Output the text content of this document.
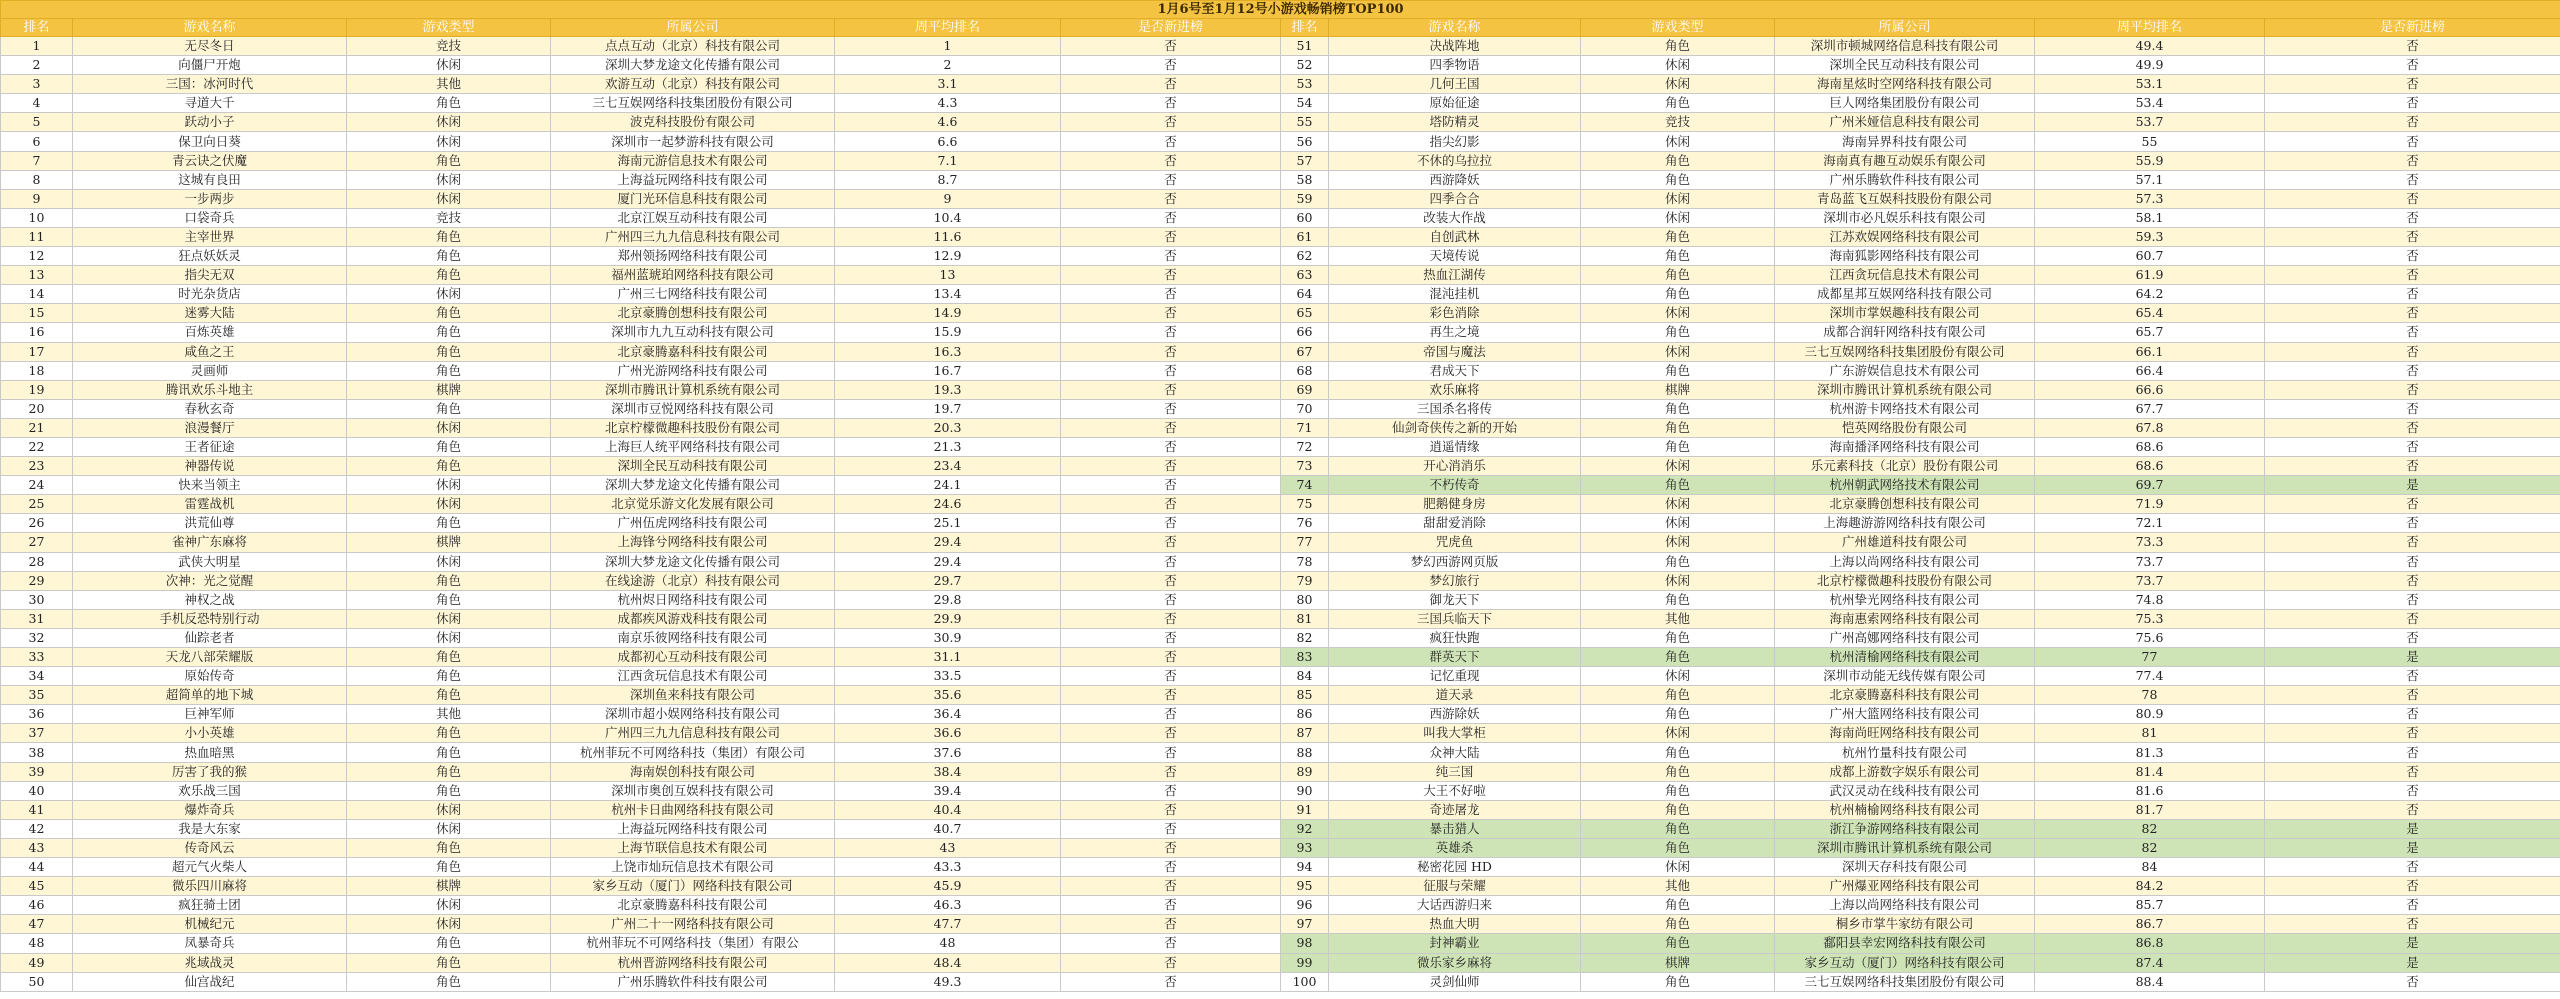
1月6号至1月12号小游戏畅销榜TOP100											
排名	游戏名称	游戏类型	所属公司	周平均排名	是否新进榜	排名	游戏名称	游戏类型	所属公司	周平均排名	是否新进榜
1	无尽冬日	竞技	点点互动（北京）科技有限公司	1	否	51	决战阵地	角色	深圳市顿城网络信息科技有限公司	49.4	否
2	向僵尸开炮	休闲	深圳大梦龙途文化传播有限公司	2	否	52	四季物语	休闲	深圳全民互动科技有限公司	49.9	否
3	三国：冰河时代	其他	欢游互动（北京）科技有限公司	3.1	否	53	几何王国	休闲	海南星炫时空网络科技有限公司	53.1	否
4	寻道大千	角色	三七互娱网络科技集团股份有限公司	4.3	否	54	原始征途	角色	巨人网络集团股份有限公司	53.4	否
5	跃动小子	休闲	波克科技股份有限公司	4.6	否	55	塔防精灵	竞技	广州米娅信息科技有限公司	53.7	否
6	保卫向日葵	休闲	深圳市一起梦游科技有限公司	6.6	否	56	指尖幻影	休闲	海南异界科技有限公司	55	否
7	青云诀之伏魔	角色	海南元游信息技术有限公司	7.1	否	57	不休的乌拉拉	角色	海南真有趣互动娱乐有限公司	55.9	否
8	这城有良田	休闲	上海益玩网络科技有限公司	8.7	否	58	西游降妖	角色	广州乐腾软件科技有限公司	57.1	否
9	一步两步	休闲	厦门光环信息科技有限公司	9	否	59	四季合合	休闲	青岛蓝飞互娱科技股份有限公司	57.3	否
10	口袋奇兵	竞技	北京江娱互动科技有限公司	10.4	否	60	改装大作战	休闲	深圳市必凡娱乐科技有限公司	58.1	否
11	主宰世界	角色	广州四三九九信息科技有限公司	11.6	否	61	自创武林	角色	江苏欢娱网络科技有限公司	59.3	否
12	狂点妖妖灵	角色	郑州领扬网络科技有限公司	12.9	否	62	天境传说	角色	海南狐影网络科技有限公司	60.7	否
13	指尖无双	角色	福州蓝琥珀网络科技有限公司	13	否	63	热血江湖传	角色	江西贪玩信息技术有限公司	61.9	否
14	时光杂货店	休闲	广州三七网络科技有限公司	13.4	否	64	混沌挂机	角色	成都星邦互娱网络科技有限公司	64.2	否
15	迷雾大陆	角色	北京豪腾创想科技有限公司	14.9	否	65	彩色消除	休闲	深圳市掌娱趣科技有限公司	65.4	否
16	百炼英雄	角色	深圳市九九互动科技有限公司	15.9	否	66	再生之境	角色	成都合润轩网络科技有限公司	65.7	否
17	咸鱼之王	角色	北京豪腾嘉科科技有限公司	16.3	否	67	帝国与魔法	休闲	三七互娱网络科技集团股份有限公司	66.1	否
18	灵画师	角色	广州光游网络科技有限公司	16.7	否	68	君成天下	角色	广东游娱信息技术有限公司	66.4	否
19	腾讯欢乐斗地主	棋牌	深圳市腾讯计算机系统有限公司	19.3	否	69	欢乐麻将	棋牌	深圳市腾讯计算机系统有限公司	66.6	否
20	春秋玄奇	角色	深圳市豆悦网络科技有限公司	19.7	否	70	三国杀名将传	角色	杭州游卡网络技术有限公司	67.7	否
21	浪漫餐厅	休闲	北京柠檬微趣科技股份有限公司	20.3	否	71	仙剑奇侠传之新的开始	角色	恺英网络股份有限公司	67.8	否
22	王者征途	角色	上海巨人统平网络科技有限公司	21.3	否	72	逍遥情缘	角色	海南播泽网络科技有限公司	68.6	否
23	神器传说	角色	深圳全民互动科技有限公司	23.4	否	73	开心消消乐	休闲	乐元素科技（北京）股份有限公司	68.6	否
24	快来当领主	休闲	深圳大梦龙途文化传播有限公司	24.1	否	74	不朽传奇	角色	杭州朝武网络技术有限公司	69.7	是
25	雷霆战机	休闲	北京觉乐游文化发展有限公司	24.6	否	75	肥鹅健身房	休闲	北京豪腾创想科技有限公司	71.9	否
26	洪荒仙尊	角色	广州伍虎网络科技有限公司	25.1	否	76	甜甜爱消除	休闲	上海趣游游网络科技有限公司	72.1	否
27	雀神广东麻将	棋牌	上海锋兮网络科技有限公司	29.4	否	77	咒虎鱼	休闲	广州雄道科技有限公司	73.3	否
28	武侠大明星	休闲	深圳大梦龙途文化传播有限公司	29.4	否	78	梦幻西游网页版	角色	上海以尚网络科技有限公司	73.7	否
29	次神：光之觉醒	角色	在线途游（北京）科技有限公司	29.7	否	79	梦幻旅行	休闲	北京柠檬微趣科技股份有限公司	73.7	否
30	神权之战	角色	杭州烬日网络科技有限公司	29.8	否	80	御龙天下	角色	杭州挚光网络科技有限公司	74.8	否
31	手机反恐特别行动	休闲	成都疾风游戏科技有限公司	29.9	否	81	三国兵临天下	其他	海南惠索网络科技有限公司	75.3	否
32	仙踪老者	休闲	南京乐彼网络科技有限公司	30.9	否	82	疯狂快跑	角色	广州高娜网络科技有限公司	75.6	否
33	天龙八部荣耀版	角色	成都初心互动科技有限公司	31.1	否	83	群英天下	角色	杭州清榆网络科技有限公司	77	是
34	原始传奇	角色	江西贪玩信息技术有限公司	33.5	否	84	记忆重现	休闲	深圳市动能无线传媒有限公司	77.4	否
35	超简单的地下城	角色	深圳鱼来科技有限公司	35.6	否	85	道天录	角色	北京豪腾嘉科科技有限公司	78	否
36	巨神军师	其他	深圳市超小娱网络科技有限公司	36.4	否	86	西游除妖	角色	广州大篮网络科技有限公司	80.9	否
37	小小英雄	角色	广州四三九九信息科技有限公司	36.6	否	87	叫我大掌柜	休闲	海南尚旺网络科技有限公司	81	否
38	热血暗黑	角色	杭州菲玩不可网络科技（集团）有限公司	37.6	否	88	众神大陆	角色	杭州竹量科技有限公司	81.3	否
39	厉害了我的猴	角色	海南娱创科技有限公司	38.4	否	89	纯三国	角色	成都上游数字娱乐有限公司	81.4	否
40	欢乐战三国	角色	深圳市奥创互娱科技有限公司	39.4	否	90	大王不好啦	角色	武汉灵动在线科技有限公司	81.6	否
41	爆炸奇兵	休闲	杭州卡日曲网络科技有限公司	40.4	否	91	奇迹屠龙	角色	杭州楠榆网络科技有限公司	81.7	否
42	我是大东家	休闲	上海益玩网络科技有限公司	40.7	否	92	暴击猎人	角色	浙江争游网络科技有限公司	82	是
43	传奇风云	角色	上海节联信息技术有限公司	43	否	93	英雄杀	角色	深圳市腾讯计算机系统有限公司	82	是
44	超元气火柴人	角色	上饶市灿玩信息技术有限公司	43.3	否	94	秘密花园 HD	休闲	深圳天存科技有限公司	84	否
45	微乐四川麻将	棋牌	家乡互动（厦门）网络科技有限公司	45.9	否	95	征服与荣耀	其他	广州爆亚网络科技有限公司	84.2	否
46	疯狂骑士团	休闲	北京豪腾嘉科科技有限公司	46.3	否	96	大话西游归来	角色	上海以尚网络科技有限公司	85.7	否
47	机械纪元	休闲	广州二十一网络科技有限公司	47.7	否	97	热血大明	角色	桐乡市掌牛家纺有限公司	86.7	否
48	凤暴奇兵	角色	杭州菲玩不可网络科技（集团）有限公	48	否	98	封神霸业	角色	鄱阳县幸宏网络科技有限公司	86.8	是
49	兆域战灵	角色	杭州晋游网络科技有限公司	48.4	否	99	微乐家乡麻将	棋牌	家乡互动（厦门）网络科技有限公司	87.4	是
50	仙宫战纪	角色	广州乐腾软件科技有限公司	49.3	否	100	灵剑仙师	角色	三七互娱网络科技集团股份有限公司	88.4	否
